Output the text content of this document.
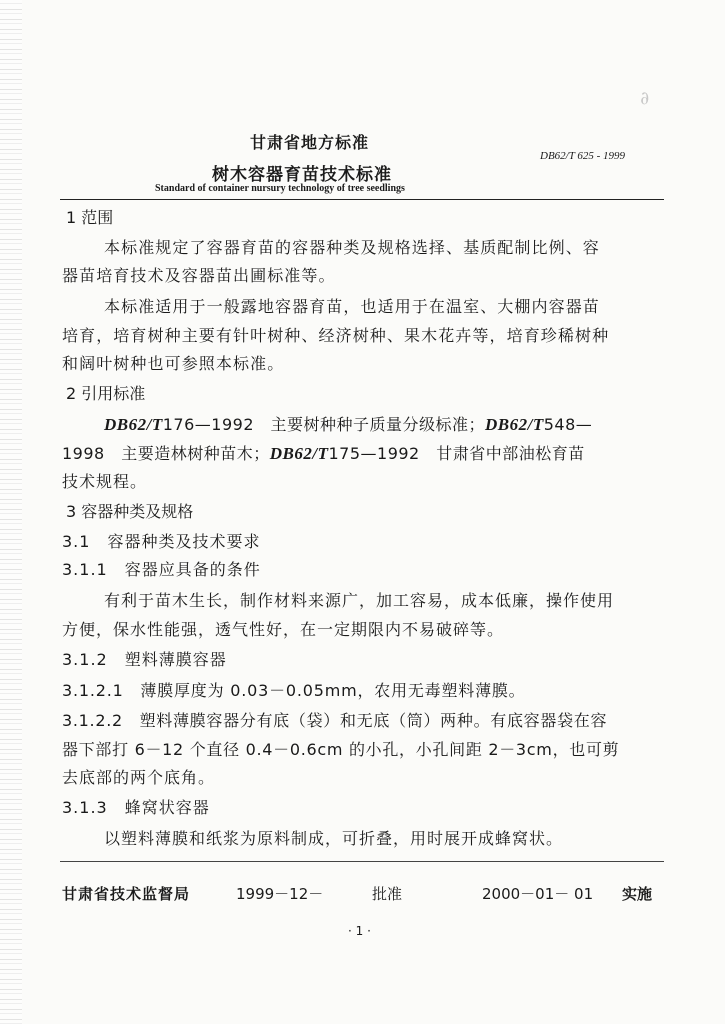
∂
甘肃省地方标准
树木容器育苗技术标准
Standard of container nursury technology of tree seedlings
DB62/T 625 - 1999
1 范围
本标准规定了容器育苗的容器种类及规格选择、基质配制比例、容
器苗培育技术及容器苗出圃标准等。
本标准适用于一般露地容器育苗，也适用于在温室、大棚内容器苗
培育，培育树种主要有针叶树种、经济树种、果木花卉等，培育珍稀树种
和阔叶树种也可参照本标准。
2 引用标准
DB62/T176—1992　主要树种种子质量分级标准；DB62/T548—
1998　主要造林树种苗木；DB62/T175—1992　甘肃省中部油松育苗
技术规程。
3 容器种类及规格
3.1　容器种类及技术要求
3.1.1　容器应具备的条件
有利于苗木生长，制作材料来源广，加工容易，成本低廉，操作使用
方便，保水性能强，透气性好，在一定期限内不易破碎等。
3.1.2　塑料薄膜容器
3.1.2.1　薄膜厚度为 0.03－0.05mm，农用无毒塑料薄膜。
3.1.2.2　塑料薄膜容器分有底（袋）和无底（筒）两种。有底容器袋在容
器下部打 6－12 个直径 0.4－0.6cm 的小孔，小孔间距 2－3cm，也可剪
去底部的两个底角。
3.1.3　蜂窝状容器
以塑料薄膜和纸浆为原料制成，可折叠，用时展开成蜂窝状。
甘肃省技术监督局	1999－12－	批准	2000－01－ 01 实施
· 1 ·
